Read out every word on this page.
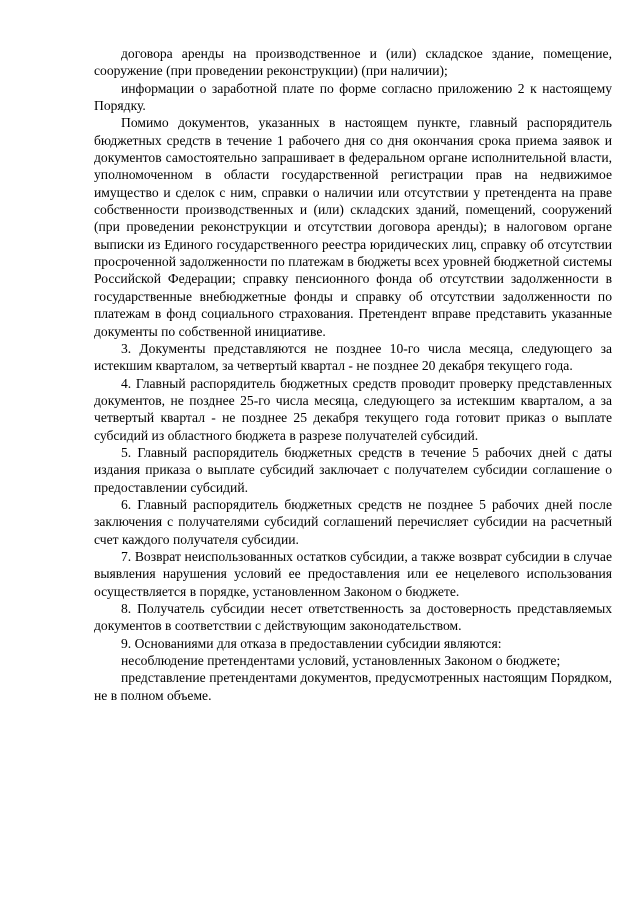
договора аренды на производственное и (или) складское здание, помещение, сооружение (при проведении реконструкции) (при наличии);

информации о заработной плате по форме согласно приложению 2 к настоящему Порядку.

Помимо документов, указанных в настоящем пункте, главный распорядитель бюджетных средств в течение 1 рабочего дня со дня окончания срока приема заявок и документов самостоятельно запрашивает в федеральном органе исполнительной власти, уполномоченном в области государственной регистрации прав на недвижимое имущество и сделок с ним, справки о наличии или отсутствии у претендента на праве собственности производственных и (или) складских зданий, помещений, сооружений (при проведении реконструкции и отсутствии договора аренды); в налоговом органе выписки из Единого государственного реестра юридических лиц, справку об отсутствии просроченной задолженности по платежам в бюджеты всех уровней бюджетной системы Российской Федерации; справку пенсионного фонда об отсутствии задолженности в государственные внебюджетные фонды и справку об отсутствии задолженности по платежам в фонд социального страхования. Претендент вправе представить указанные документы по собственной инициативе.

3. Документы представляются не позднее 10-го числа месяца, следующего за истекшим кварталом, за четвертый квартал - не позднее 20 декабря текущего года.

4. Главный распорядитель бюджетных средств проводит проверку представленных документов, не позднее 25-го числа месяца, следующего за истекшим кварталом, а за четвертый квартал - не позднее 25 декабря текущего года готовит приказ о выплате субсидий из областного бюджета в разрезе получателей субсидий.

5. Главный распорядитель бюджетных средств в течение 5 рабочих дней с даты издания приказа о выплате субсидий заключает с получателем субсидии соглашение о предоставлении субсидий.

6. Главный распорядитель бюджетных средств не позднее 5 рабочих дней после заключения с получателями субсидий соглашений перечисляет субсидии на расчетный счет каждого получателя субсидии.

7. Возврат неиспользованных остатков субсидии, а также возврат субсидии в случае выявления нарушения условий ее предоставления или ее нецелевого использования осуществляется в порядке, установленном Законом о бюджете.

8. Получатель субсидии несет ответственность за достоверность представляемых документов в соответствии с действующим законодательством.

9. Основаниями для отказа в предоставлении субсидии являются:

несоблюдение претендентами условий, установленных Законом о бюджете;

представление претендентами документов, предусмотренных настоящим Порядком, не в полном объеме.
